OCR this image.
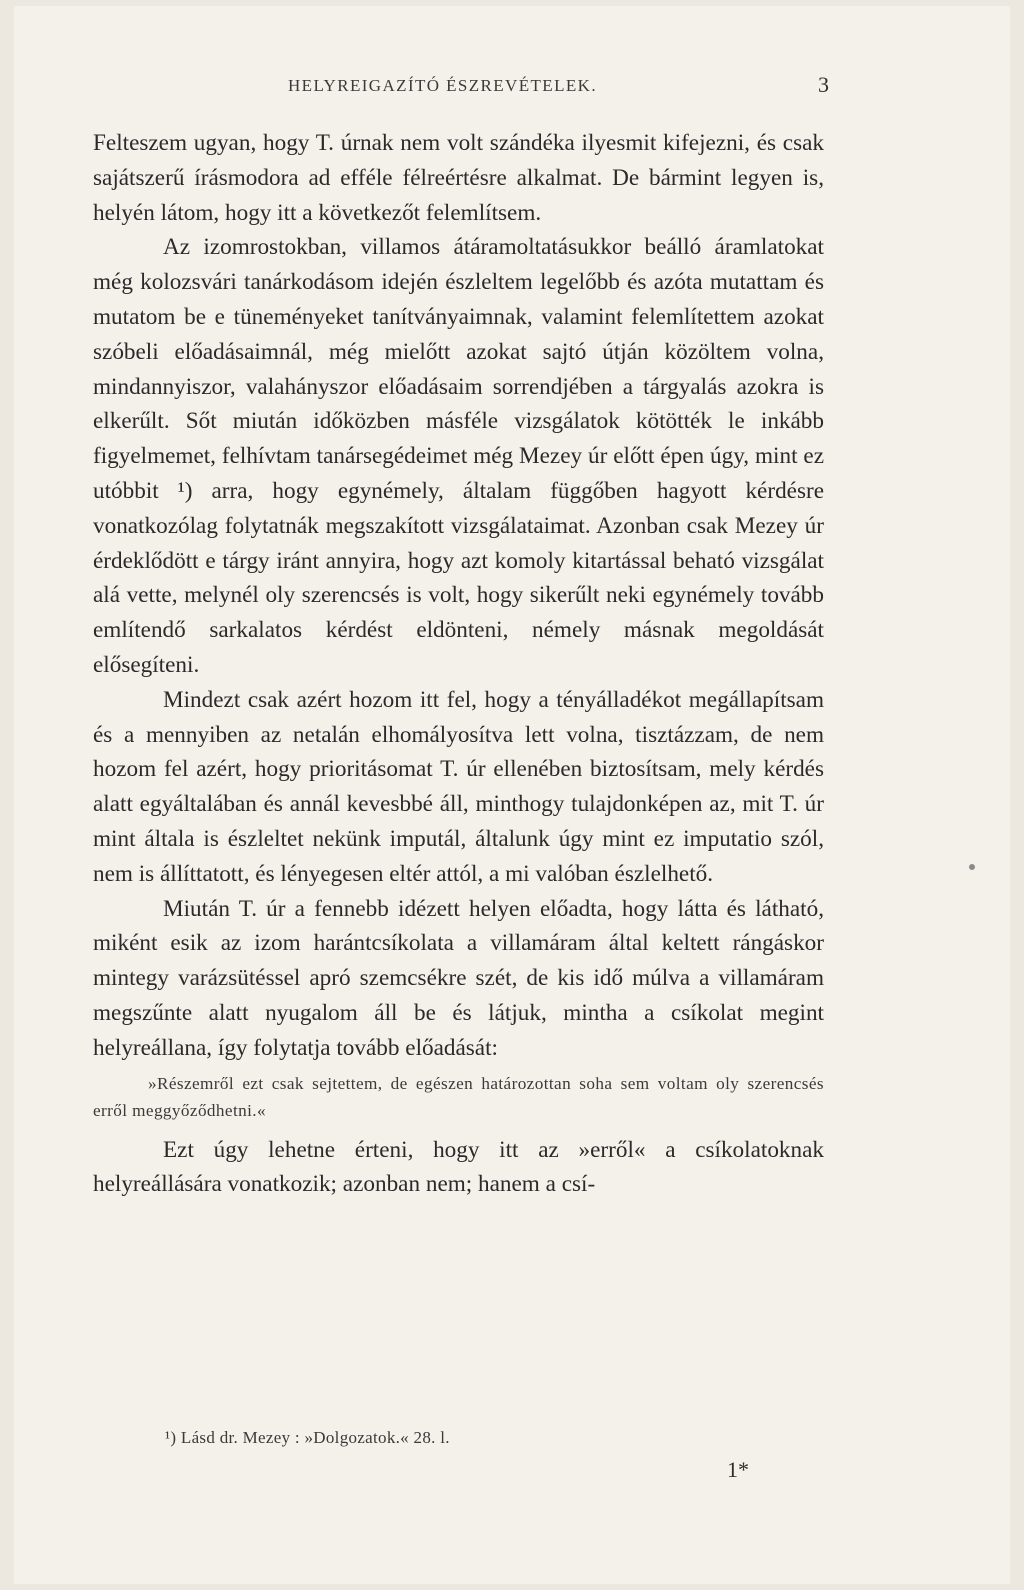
HELYREIGAZÍTÓ ÉSZREVÉTELEK.	3

Felteszem ugyan, hogy T. úrnak nem volt szándéka ilyesmit kifejezni, és csak sajátszerű írásmodora ad efféle félreértésre alkalmat. De bármint legyen is, helyén látom, hogy itt a következőt felemlítsem.

Az izomrostokban, villamos átáramoltatásukkor beálló áramlatokat még kolozsvári tanárkodásom idején észleltem legelőbb és azóta mutattam és mutatom be e tüneményeket tanítványaimnak, valamint felemlítettem azokat szóbeli előadásaimnál, még mielőtt azokat sajtó útján közöltem volna, mindannyiszor, valahányszor előadásaim sorrendjében a tárgyalás azokra is elkerűlt. Sőt miután időközben másféle vizsgálatok kötötték le inkább figyelmemet, felhívtam tanársegédeimet még Mezey úr előtt épen úgy, mint ez utóbbit ¹) arra, hogy egynémely, általam függőben hagyott kérdésre vonatkozólag folytatnák megszakított vizsgálataimat. Azonban csak Mezey úr érdeklődött e tárgy iránt annyira, hogy azt komoly kitartással beható vizsgálat alá vette, melynél oly szerencsés is volt, hogy sikerűlt neki egynémely tovább említendő sarkalatos kérdést eldönteni, némely másnak megoldását elősegíteni.

Mindezt csak azért hozom itt fel, hogy a tényálladékot megállapítsam és a mennyiben az netalán elhomályosítva lett volna, tisztázzam, de nem hozom fel azért, hogy prioritásomat T. úr ellenében biztosítsam, mely kérdés alatt egyáltalában és annál kevesbbé áll, minthogy tulajdonképen az, mit T. úr mint általa is észleltet nekünk imputál, általunk úgy mint ez imputatio szól, nem is állíttatott, és lényegesen eltér attól, a mi valóban észlelhető.

Miután T. úr a fennebb idézett helyen előadta, hogy látta és látható, miként esik az izom harántcsíkolata a villamáram által keltett rángáskor mintegy varázsütéssel apró szemcsékre szét, de kis idő múlva a villamáram megszűnte alatt nyugalom áll be és látjuk, mintha a csíkolat megint helyreállana, így folytatja tovább előadását:

»Részemről ezt csak sejtettem, de egészen határozottan soha sem voltam oly szerencsés erről meggyőződhetni.«

Ezt úgy lehetne érteni, hogy itt az »erről« a csíkolatoknak helyreállására vonatkozik; azonban nem; hanem a csí-

¹) Lásd dr. Mezey : »Dolgozatok.« 28. l.
1*
